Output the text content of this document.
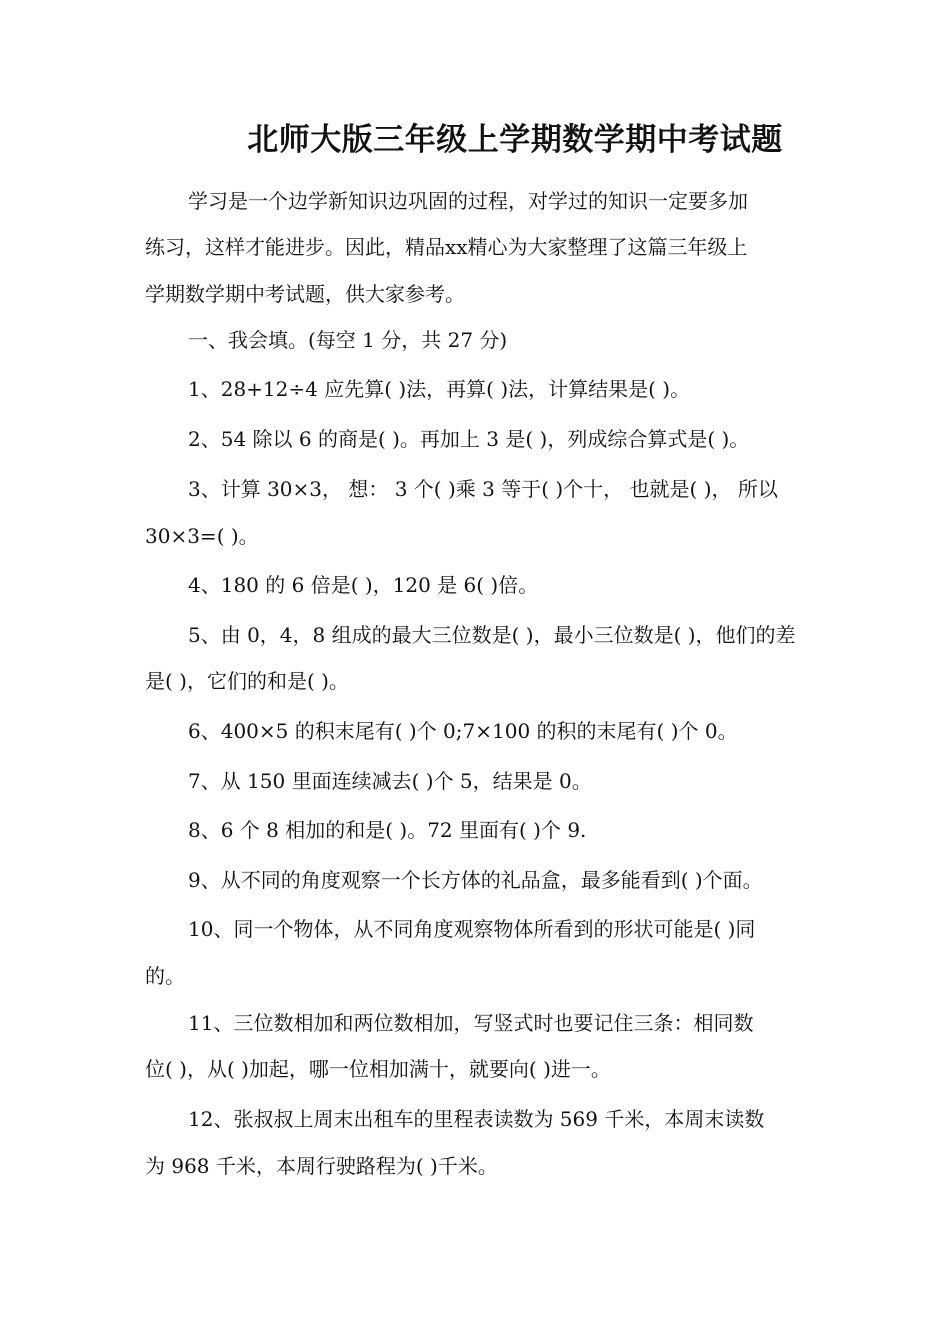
北师大版三年级上学期数学期中考试题
学习是一个边学新知识边巩固的过程，对学过的知识一定要多加
练习，这样才能进步。因此，精品xx精心为大家整理了这篇三年级上
学期数学期中考试题，供大家参考。
一、我会填。(每空 1 分，共 27 分)
1、28+12÷4 应先算( )法，再算( )法，计算结果是( )。
2、54 除以 6 的商是( )。再加上 3 是( )，列成综合算式是( )。
3、计算 30×3， 想： 3 个( )乘 3 等于( )个十， 也就是( )， 所以
30×3=( )。
4、180 的 6 倍是( )，120 是 6( )倍。
5、由 0，4，8 组成的最大三位数是( )，最小三位数是( )，他们的差
是( )，它们的和是( )。
6、400×5 的积末尾有( )个 0;7×100 的积的末尾有( )个 0。
7、从 150 里面连续减去( )个 5，结果是 0。
8、6 个 8 相加的和是( )。72 里面有( )个 9.
9、从不同的角度观察一个长方体的礼品盒，最多能看到( )个面。
10、同一个物体，从不同角度观察物体所看到的形状可能是( )同
的。
11、三位数相加和两位数相加，写竖式时也要记住三条：相同数
位( )，从( )加起，哪一位相加满十，就要向( )进一。
12、张叔叔上周末出租车的里程表读数为 569 千米，本周末读数
为 968 千米，本周行驶路程为( )千米。
